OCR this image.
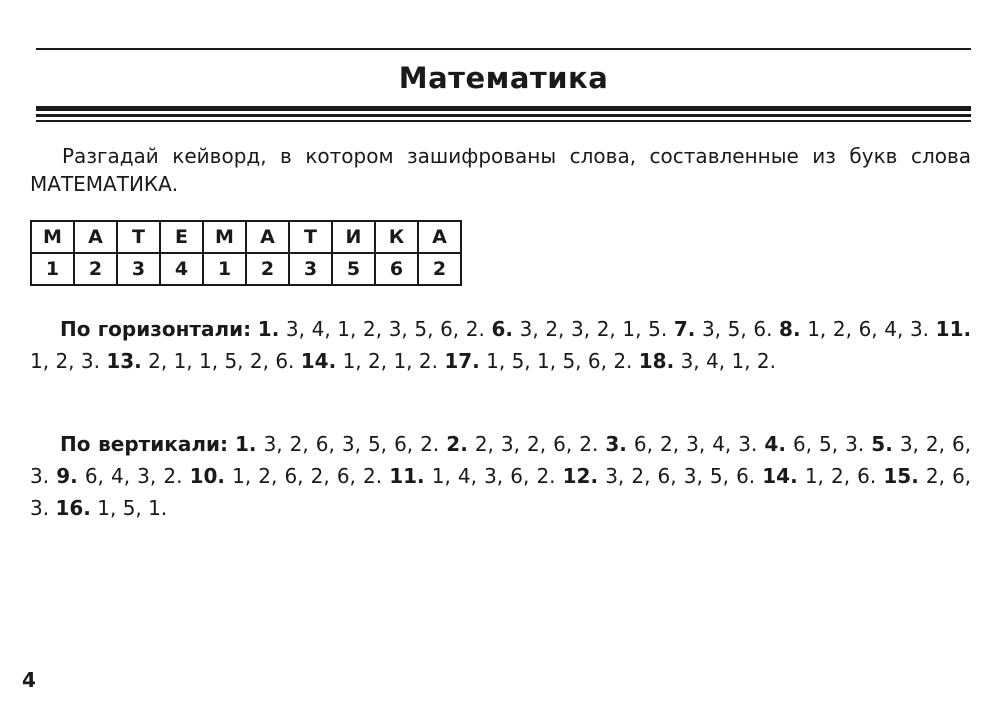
Математика
Разгадай кейворд, в котором зашифрованы слова, составленные из букв слова МАТЕМАТИКА.
М	А	Т	Е	М	А	Т	И	К	А
1	2	3	4	1	2	3	5	6	2
По горизонтали: 1. 3, 4, 1, 2, 3, 5, 6, 2. 6. 3, 2, 3, 2, 1, 5. 7. 3, 5, 6. 8. 1, 2, 6, 4, 3. 11. 1, 2, 3. 13. 2, 1, 1, 5, 2, 6. 14. 1, 2, 1, 2. 17. 1, 5, 1, 5, 6, 2. 18. 3, 4, 1, 2.
По вертикали: 1. 3, 2, 6, 3, 5, 6, 2. 2. 2, 3, 2, 6, 2. 3. 6, 2, 3, 4, 3. 4. 6, 5, 3. 5. 3, 2, 6, 3. 9. 6, 4, 3, 2. 10. 1, 2, 6, 2, 6, 2. 11. 1, 4, 3, 6, 2. 12. 3, 2, 6, 3, 5, 6. 14. 1, 2, 6. 15. 2, 6, 3. 16. 1, 5, 1.
4
